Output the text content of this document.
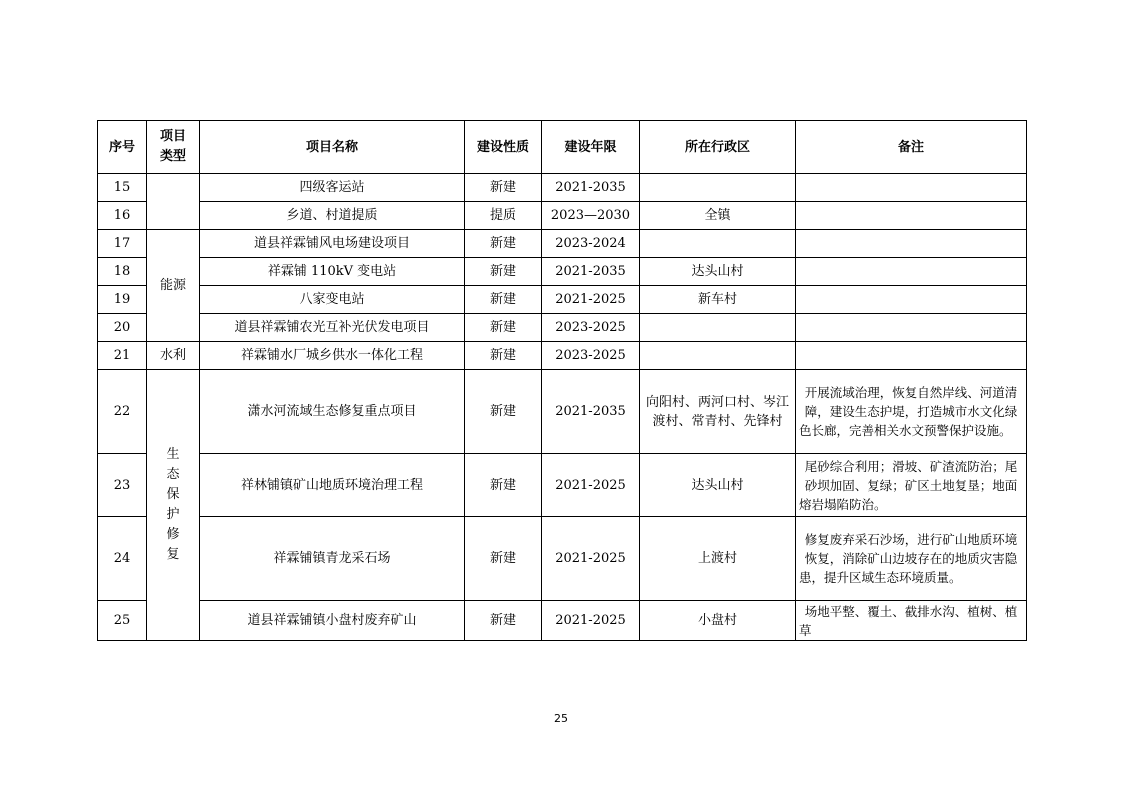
序号	项目类型	项目名称	建设性质	建设年限	所在行政区	备注
15		四级客运站	新建	2021-2035		
16		乡道、村道提质	提质	2023—2030	全镇	
17	能源	道县祥霖铺风电场建设项目	新建	2023-2024		
18		祥霖铺 110kV 变电站	新建	2021-2035	达头山村	
19		八家变电站	新建	2021-2025	新车村	
20		道县祥霖铺农光互补光伏发电项目	新建	2023-2025		
21	水利	祥霖铺水厂城乡供水一体化工程	新建	2023-2025		
22	生态保护修复	潇水河流域生态修复重点项目	新建	2021-2035	向阳村、两河口村、岑江渡村、常青村、先锋村	开展流域治理，恢复自然岸线、河道清障，建设生态护堤，打造城市水文化绿色长廊，完善相关水文预警保护设施。
23		祥林铺镇矿山地质环境治理工程	新建	2021-2025	达头山村	尾砂综合利用；滑坡、矿渣流防治；尾砂坝加固、复绿；矿区土地复垦；地面熔岩塌陷防治。
24		祥霖铺镇青龙采石场	新建	2021-2025	上渡村	修复废弃采石沙场，进行矿山地质环境恢复，消除矿山边坡存在的地质灾害隐患，提升区域生态环境质量。
25		道县祥霖铺镇小盘村废弃矿山	新建	2021-2025	小盘村	场地平整、覆土、截排水沟、植树、植草
25
